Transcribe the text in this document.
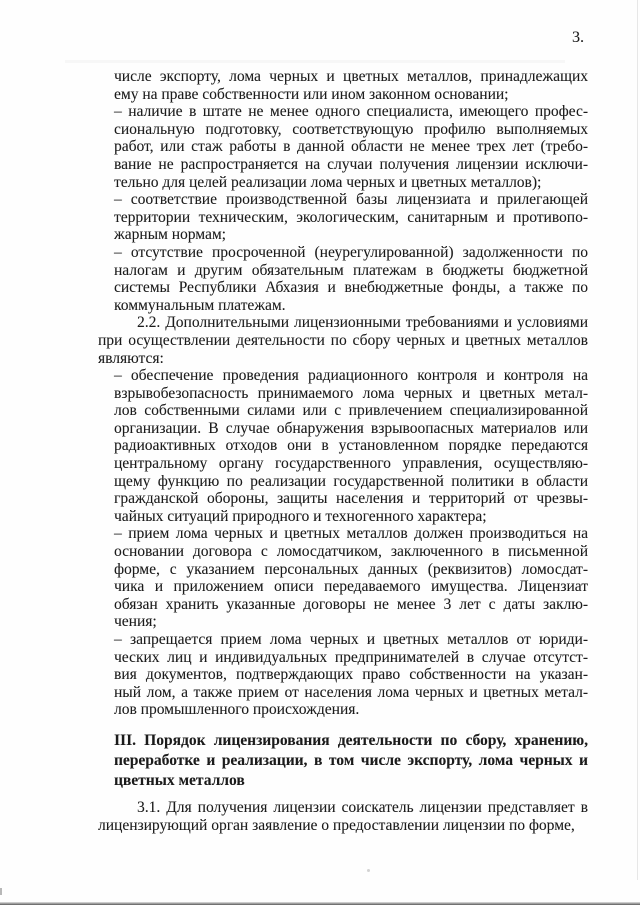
3.
числе экспорту, лома черных и цветных металлов, принадлежащих
ему на праве собственности или ином законном основании;
– наличие в штате не менее одного специалиста, имеющего профес-
сиональную подготовку, соответствующую профилю выполняемых
работ, или стаж работы в данной области не менее трех лет (требо-
вание не распространяется на случаи получения лицензии исключи-
тельно для целей реализации лома черных и цветных металлов);
– соответствие производственной базы лицензиата и прилегающей
территории техническим, экологическим, санитарным и противопо-
жарным нормам;
– отсутствие просроченной (неурегулированной) задолженности по
налогам и другим обязательным платежам в бюджеты бюджетной
системы Республики Абхазия и внебюджетные фонды, а также по
коммунальным платежам.
2.2. Дополнительными лицензионными требованиями и условиями
при осуществлении деятельности по сбору черных и цветных металлов
являются:
– обеспечение проведения радиационного контроля и контроля на
взрывобезопасность принимаемого лома черных и цветных метал-
лов собственными силами или с привлечением специализированной
организации. В случае обнаружения взрывоопасных материалов или
радиоактивных отходов они в установленном порядке передаются
центральному органу государственного управления, осуществляю-
щему функцию по реализации государственной политики в области
гражданской обороны, защиты населения и территорий от чрезвы-
чайных ситуаций природного и техногенного характера;
– прием лома черных и цветных металлов должен производиться на
основании договора с ломосдатчиком, заключенного в письменной
форме, с указанием персональных данных (реквизитов) ломосдат-
чика и приложением описи передаваемого имущества. Лицензиат
обязан хранить указанные договоры не менее 3 лет с даты заклю-
чения;
– запрещается прием лома черных и цветных металлов от юриди-
ческих лиц и индивидуальных предпринимателей в случае отсутст-
вия документов, подтверждающих право собственности на указан-
ный лом, а также прием от населения лома черных и цветных метал-
лов промышленного происхождения.
III. Порядок лицензирования деятельности по сбору, хранению,
переработке и реализации, в том числе экспорту, лома черных и
цветных металлов
3.1. Для получения лицензии соискатель лицензии представляет в
лицензирующий орган заявление о предоставлении лицензии по форме,
